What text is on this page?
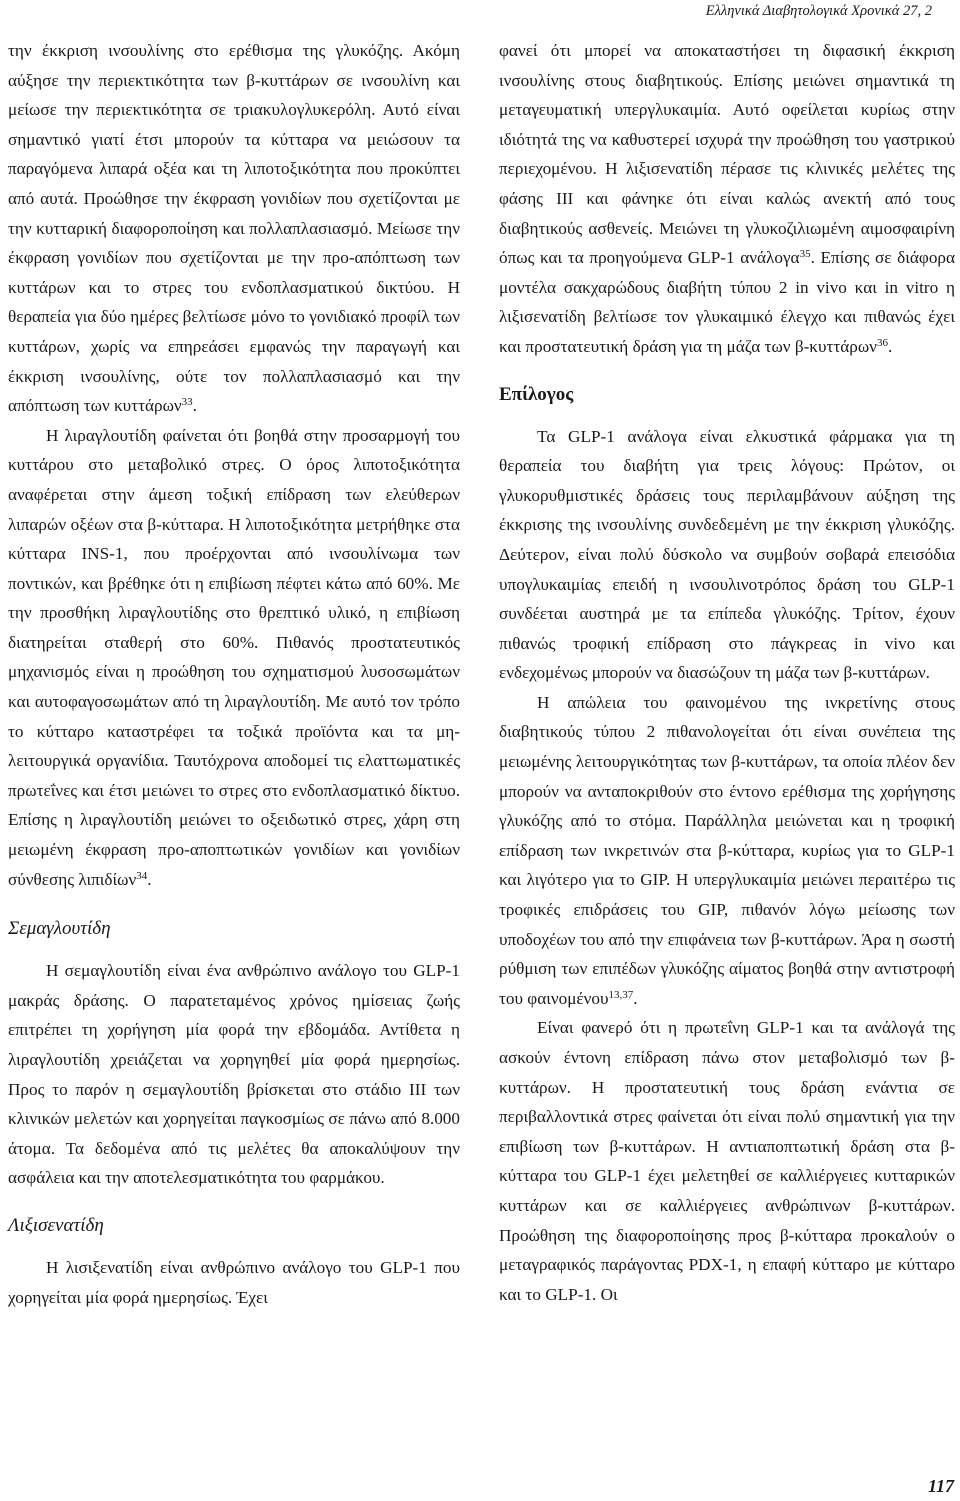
Ελληνικά Διαβητολογικά Χρονικά 27, 2

την έκκριση ινσουλίνης στο ερέθισμα της γλυκόζης. Ακόμη αύξησε την περιεκτικότητα των β-κυττάρων σε ινσουλίνη και μείωσε την περιεκτικότητα σε τριακυλογλυκερόλη. Αυτό είναι σημαντικό γιατί έτσι μπορούν τα κύτταρα να μειώσουν τα παραγόμενα λιπαρά οξέα και τη λιποτοξικότητα που προκύπτει από αυτά. Προώθησε την έκφραση γονιδίων που σχετίζονται με την κυτταρική διαφοροποίηση και πολλαπλασιασμό. Μείωσε την έκφραση γονιδίων που σχετίζονται με την προ-απόπτωση των κυττάρων και το στρες του ενδοπλασματικού δικτύου. Η θεραπεία για δύο ημέρες βελτίωσε μόνο το γονιδιακό προφίλ των κυττάρων, χωρίς να επηρεάσει εμφανώς την παραγωγή και έκκριση ινσουλίνης, ούτε τον πολλαπλασιασμό και την απόπτωση των κυττάρων$^{33}$.

Η λιραγλουτίδη φαίνεται ότι βοηθά στην προσαρμογή του κυττάρου στο μεταβολικό στρες. Ο όρος λιποτοξικότητα αναφέρεται στην άμεση τοξική επίδραση των ελεύθερων λιπαρών οξέων στα β-κύτταρα. Η λιποτοξικότητα μετρήθηκε στα κύτταρα INS-1, που προέρχονται από ινσουλίνωμα των ποντικών, και βρέθηκε ότι η επιβίωση πέφτει κάτω από 60%. Με την προσθήκη λιραγλουτίδης στο θρεπτικό υλικό, η επιβίωση διατηρείται σταθερή στο 60%. Πιθανός προστατευτικός μηχανισμός είναι η προώθηση του σχηματισμού λυσοσωμάτων και αυτοφαγοσωμάτων από τη λιραγλουτίδη. Με αυτό τον τρόπο το κύτταρο καταστρέφει τα τοξικά προϊόντα και τα μη-λειτουργικά οργανίδια. Ταυτόχρονα αποδομεί τις ελαττωματικές πρωτεΐνες και έτσι μειώνει το στρες στο ενδοπλασματικό δίκτυο. Επίσης η λιραγλουτίδη μειώνει το οξειδωτικό στρες, χάρη στη μειωμένη έκφραση προ-αποπτωτικών γονιδίων και γονιδίων σύνθεσης λιπιδίων$^{34}$.

Σεμαγλουτίδη

Η σεμαγλουτίδη είναι ένα ανθρώπινο ανάλογο του GLP-1 μακράς δράσης. Ο παρατεταμένος χρόνος ημίσειας ζωής επιτρέπει τη χορήγηση μία φορά την εβδομάδα. Αντίθετα η λιραγλουτίδη χρειάζεται να χορηγηθεί μία φορά ημερησίως. Προς το παρόν η σεμαγλουτίδη βρίσκεται στο στάδιο ΙΙΙ των κλινικών μελετών και χορηγείται παγκοσμίως σε πάνω από 8.000 άτομα. Τα δεδομένα από τις μελέτες θα αποκαλύψουν την ασφάλεια και την αποτελεσματικότητα του φαρμάκου.

Λιξισενατίδη

Η λισιξενατίδη είναι ανθρώπινο ανάλογο του GLP-1 που χορηγείται μία φορά ημερησίως. Έχει

φανεί ότι μπορεί να αποκαταστήσει τη διφασική έκκριση ινσουλίνης στους διαβητικούς. Επίσης μειώνει σημαντικά τη μεταγευματική υπεργλυκαιμία. Αυτό οφείλεται κυρίως στην ιδιότητά της να καθυστερεί ισχυρά την προώθηση του γαστρικού περιεχομένου. Η λιξισενατίδη πέρασε τις κλινικές μελέτες της φάσης ΙΙΙ και φάνηκε ότι είναι καλώς ανεκτή από τους διαβητικούς ασθενείς. Μειώνει τη γλυκοζιλιωμένη αιμοσφαιρίνη όπως και τα προηγούμενα GLP-1 ανάλογα$^{35}$. Επίσης σε διάφορα μοντέλα σακχαρώδους διαβήτη τύπου 2 in vivo και in vitro η λιξισενατίδη βελτίωσε τον γλυκαιμικό έλεγχο και πιθανώς έχει και προστατευτική δράση για τη μάζα των β-κυττάρων$^{36}$.

Επίλογος

Τα GLP-1 ανάλογα είναι ελκυστικά φάρμακα για τη θεραπεία του διαβήτη για τρεις λόγους: Πρώτον, οι γλυκορυθμιστικές δράσεις τους περιλαμβάνουν αύξηση της έκκρισης της ινσουλίνης συνδεδεμένη με την έκκριση γλυκόζης. Δεύτερον, είναι πολύ δύσκολο να συμβούν σοβαρά επεισόδια υπογλυκαιμίας επειδή η ινσουλινοτρόπος δράση του GLP-1 συνδέεται αυστηρά με τα επίπεδα γλυκόζης. Τρίτον, έχουν πιθανώς τροφική επίδραση στο πάγκρεας in vivo και ενδεχομένως μπορούν να διασώζουν τη μάζα των β-κυττάρων.

Η απώλεια του φαινομένου της ινκρετίνης στους διαβητικούς τύπου 2 πιθανολογείται ότι είναι συνέπεια της μειωμένης λειτουργικότητας των β-κυττάρων, τα οποία πλέον δεν μπορούν να ανταποκριθούν στο έντονο ερέθισμα της χορήγησης γλυκόζης από το στόμα. Παράλληλα μειώνεται και η τροφική επίδραση των ινκρετινών στα β-κύτταρα, κυρίως για το GLP-1 και λιγότερο για το GIP. Η υπεργλυκαιμία μειώνει περαιτέρω τις τροφικές επιδράσεις του GIP, πιθανόν λόγω μείωσης των υποδοχέων του από την επιφάνεια των β-κυττάρων. Άρα η σωστή ρύθμιση των επιπέδων γλυκόζης αίματος βοηθά στην αντιστροφή του φαινομένου$^{13,37}$.

Είναι φανερό ότι η πρωτεΐνη GLP-1 και τα ανάλογά της ασκούν έντονη επίδραση πάνω στον μεταβολισμό των β-κυττάρων. Η προστατευτική τους δράση ενάντια σε περιβαλλοντικά στρες φαίνεται ότι είναι πολύ σημαντική για την επιβίωση των β-κυττάρων. Η αντιαποπτωτική δράση στα β-κύτταρα του GLP-1 έχει μελετηθεί σε καλλιέργειες κυτταρικών κυττάρων και σε καλλιέργειες ανθρώπινων β-κυττάρων. Προώθηση της διαφοροποίησης προς β-κύτταρα προκαλούν ο μεταγραφικός παράγοντας PDX-1, η επαφή κύτταρο με κύτταρο και το GLP-1. Οι

117
